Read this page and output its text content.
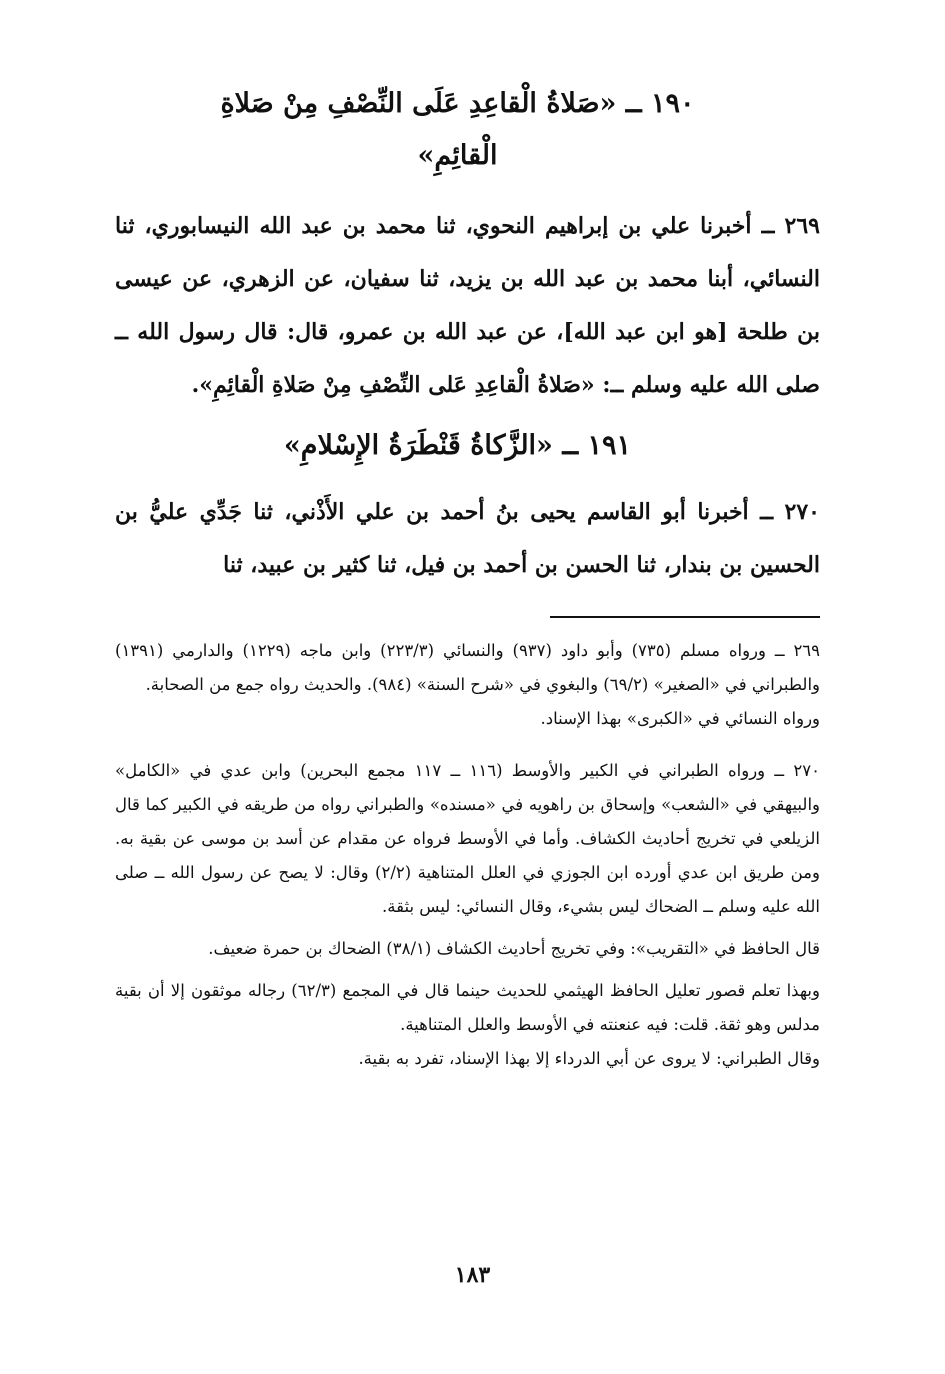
١٩٠ ــ «صَلاةُ الْقاعِدِ عَلَى النِّصْفِ مِنْ صَلاةِ
الْقائِمِ»

٢٦٩ ــ أخبرنا علي بن إبراهيم النحوي، ثنا محمد بن عبد الله النيسابوري، ثنا النسائي، أبنا محمد بن عبد الله بن يزيد، ثنا سفيان، عن الزهري، عن عيسى بن طلحة [هو ابن عبد الله]، عن عبد الله بن عمرو، قال: قال رسول الله ــ صلى الله عليه وسلم ــ: «صَلاةُ الْقاعِدِ عَلى النِّصْفِ مِنْ صَلاةِ الْقائِمِ».

١٩١ ــ «الزَّكاةُ قَنْطَرَةُ الإِسْلامِ»

٢٧٠ ــ أخبرنا أبو القاسم يحيى بنُ أحمد بن علي الأَذْني، ثنا جَدِّي عليُّ بن الحسين بن بندار، ثنا الحسن بن أحمد بن فيل، ثنا كثير بن عبيد، ثنا

٢٦٩ ــ ورواه مسلم (٧٣٥) وأبو داود (٩٣٧) والنسائي (٢٢٣/٣) وابن ماجه (١٢٢٩) والدارمي (١٣٩١) والطبراني في «الصغير» (٦٩/٢) والبغوي في «شرح السنة» (٩٨٤). والحديث رواه جمع من الصحابة.

ورواه النسائي في «الكبرى» بهذا الإسناد.

٢٧٠ ــ ورواه الطبراني في الكبير والأوسط (١١٦ ــ ١١٧ مجمع البحرين) وابن عدي في «الكامل» والبيهقي في «الشعب» وإسحاق بن راهويه في «مسنده» والطبراني رواه من طريقه في الكبير كما قال الزيلعي في تخريج أحاديث الكشاف. وأما في الأوسط فرواه عن مقدام عن أسد بن موسى عن بقية به. ومن طريق ابن عدي أورده ابن الجوزي في العلل المتناهية (٢/٢) وقال: لا يصح عن رسول الله ــ صلى الله عليه وسلم ــ الضحاك ليس بشيء، وقال النسائي: ليس بثقة.

قال الحافظ في «التقريب»: وفي تخريج أحاديث الكشاف (٣٨/١) الضحاك بن حمرة ضعيف.

وبهذا تعلم قصور تعليل الحافظ الهيثمي للحديث حينما قال في المجمع (٦٢/٣) رجاله موثقون إلا أن بقية مدلس وهو ثقة. قلت: فيه عنعنته في الأوسط والعلل المتناهية.

وقال الطبراني: لا يروى عن أبي الدرداء إلا بهذا الإسناد، تفرد به بقية.

١٨٣
